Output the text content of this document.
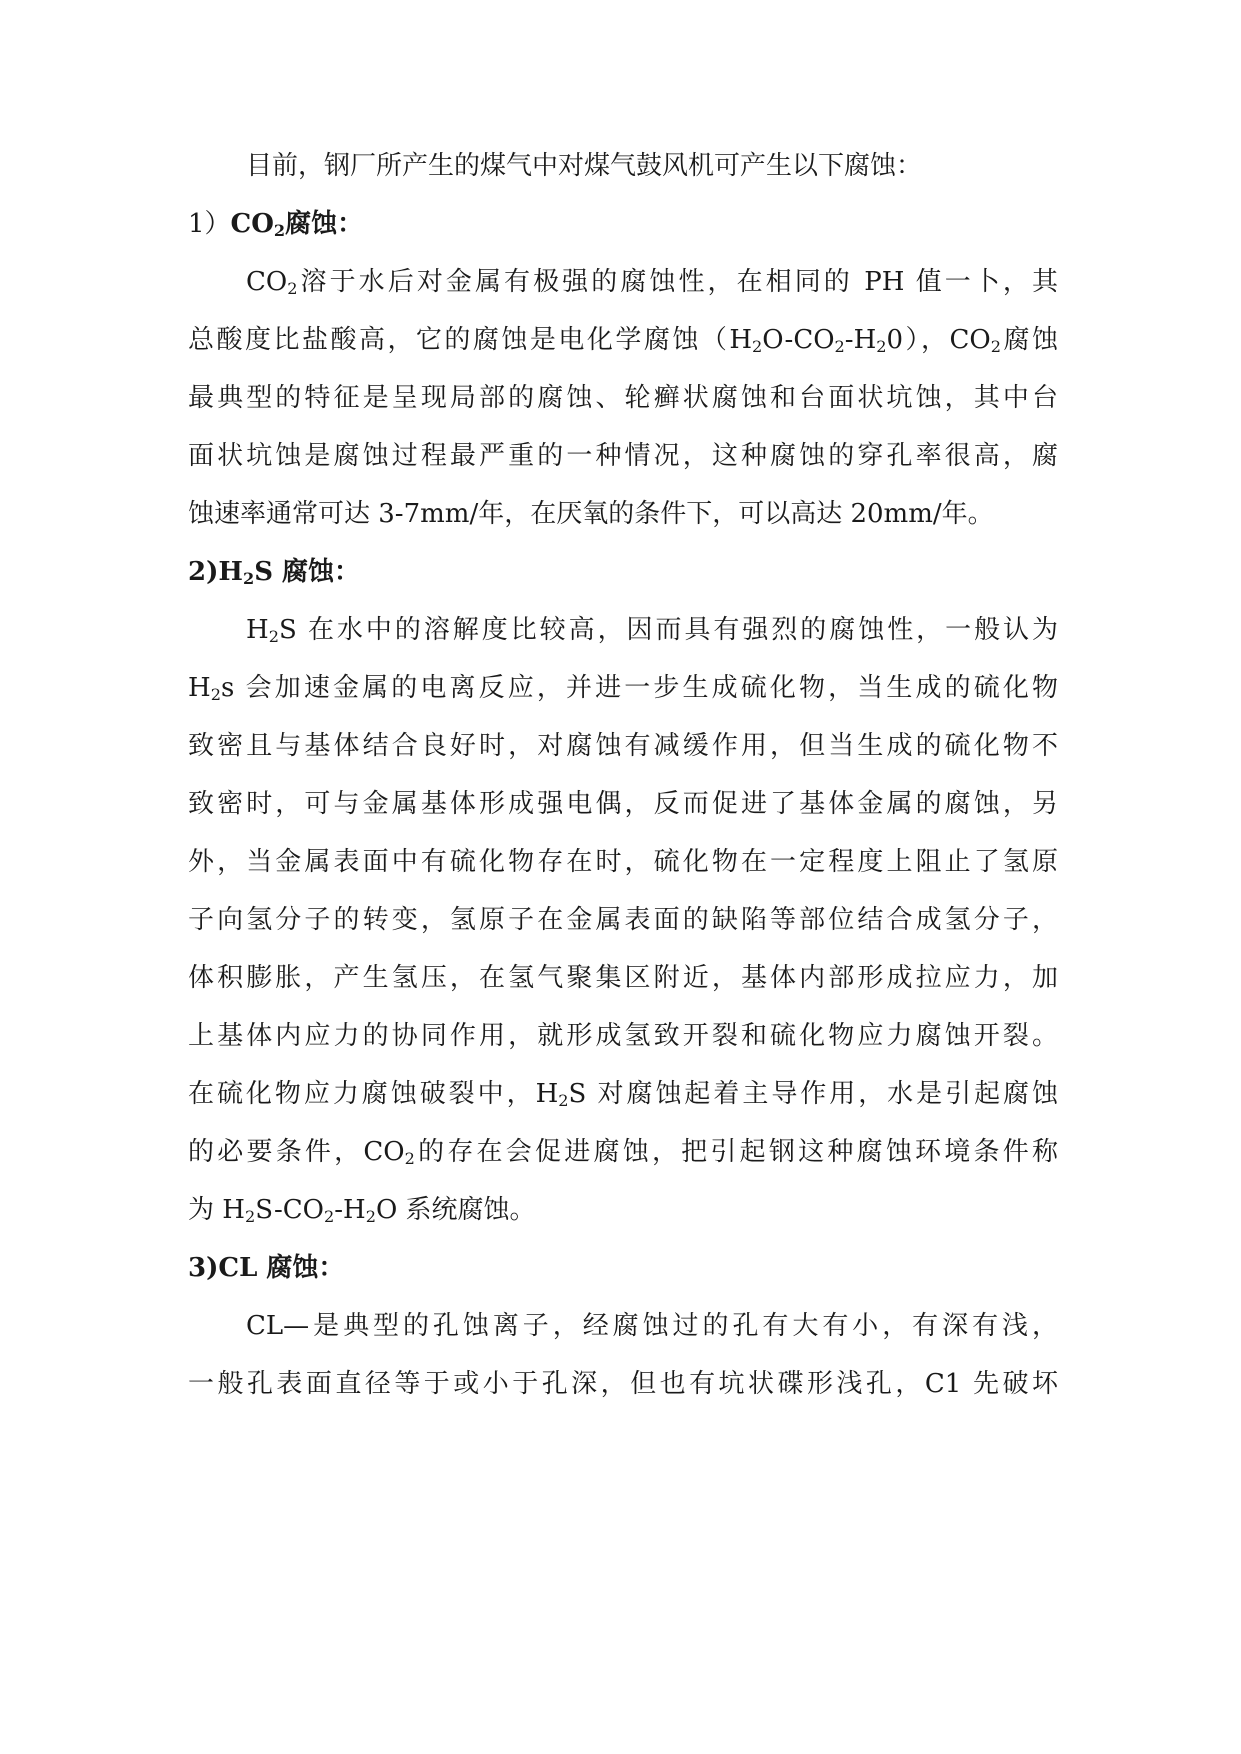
目前，钢厂所产生的煤气中对煤气鼓风机可产生以下腐蚀：
$1)CO_2$腐蚀：
$CO_2$溶于水后对金属有极强的腐蚀性，在相同的 PH 值一卜，其
总酸度比盐酸高，它的腐蚀是电化学腐蚀$(H_2O-CO_2-H_20)$，$CO_2$腐蚀
最典型的特征是呈现局部的腐蚀、轮癣状腐蚀和台面状坑蚀，其中台
面状坑蚀是腐蚀过程最严重的一种情况，这种腐蚀的穿孔率很高，腐
蚀速率通常可达 3-7mm/年，在厌氧的条件下，可以高达 20mm/年。
$2)H_2S$ 腐蚀：
$H_2S$ 在水中的溶解度比较高，因而具有强烈的腐蚀性，一般认为
$H_2s$ 会加速金属的电离反应，并进一步生成硫化物，当生成的硫化物
致密且与基体结合良好时，对腐蚀有减缓作用，但当生成的硫化物不
致密时，可与金属基体形成强电偶，反而促进了基体金属的腐蚀，另
外，当金属表面中有硫化物存在时，硫化物在一定程度上阻止了氢原
子向氢分子的转变，氢原子在金属表面的缺陷等部位结合成氢分子，
体积膨胀，产生氢压，在氢气聚集区附近，基体内部形成拉应力，加
上基体内应力的协同作用，就形成氢致开裂和硫化物应力腐蚀开裂。
在硫化物应力腐蚀破裂中，$H_2S$ 对腐蚀起着主导作用，水是引起腐蚀
的必要条件，$CO_2$的存在会促进腐蚀，把引起钢这种腐蚀环境条件称
为 $H_2S-CO_2-H_2O$ 系统腐蚀。
3)CL 腐蚀：
CL—是典型的孔蚀离子，经腐蚀过的孔有大有小，有深有浅，
一般孔表面直径等于或小于孔深，但也有坑状碟形浅孔，C1 先破坏
